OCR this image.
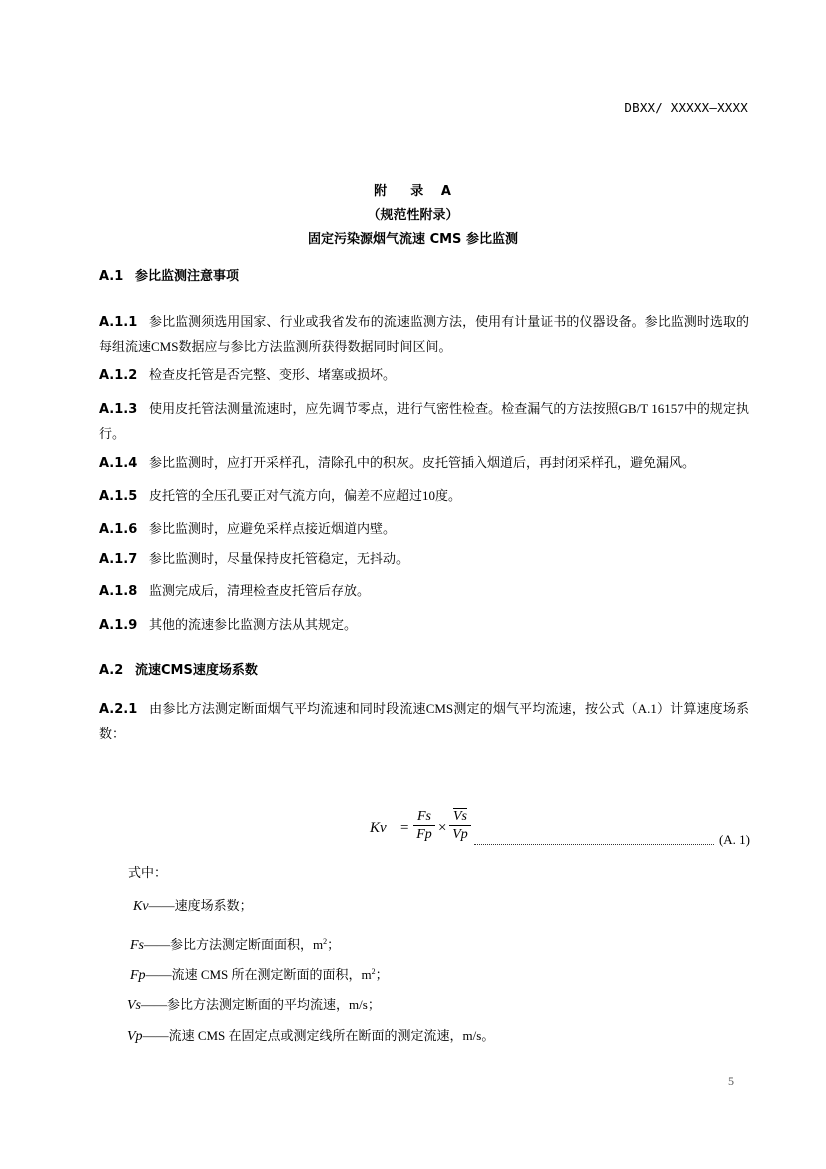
DBXX/ XXXXX—XXXX
附 录 A
（规范性附录）
固定污染源烟气流速 CMS 参比监测
A.1 参比监测注意事项
A.1.1 参比监测须选用国家、行业或我省发布的流速监测方法，使用有计量证书的仪器设备。参比监测时选取的每组流速CMS数据应与参比方法监测所获得数据同时间区间。
A.1.2 检查皮托管是否完整、变形、堵塞或损坏。
A.1.3 使用皮托管法测量流速时，应先调节零点，进行气密性检查。检查漏气的方法按照GB/T 16157中的规定执行。
A.1.4 参比监测时，应打开采样孔，清除孔中的积灰。皮托管插入烟道后，再封闭采样孔，避免漏风。
A.1.5 皮托管的全压孔要正对气流方向，偏差不应超过10度。
A.1.6 参比监测时，应避免采样点接近烟道内壁。
A.1.7 参比监测时，尽量保持皮托管稳定，无抖动。
A.1.8 监测完成后，清理检查皮托管后存放。
A.1.9 其他的流速参比监测方法从其规定。
A.2 流速CMS速度场系数
A.2.1 由参比方法测定断面烟气平均流速和同时段流速CMS测定的烟气平均流速，按公式（A.1）计算速度场系数：
$Kv = \frac{Fs}{Fp} \times \frac{\overline{Vs}}{Vp}$	(A. 1)
式中：
Kv——速度场系数；
Fs——参比方法测定断面面积，$m^2$；
Fp——流速 CMS 所在测定断面的面积，$m^2$；
Vs——参比方法测定断面的平均流速，m/s；
Vp——流速 CMS 在固定点或测定线所在断面的测定流速，m/s。
5
